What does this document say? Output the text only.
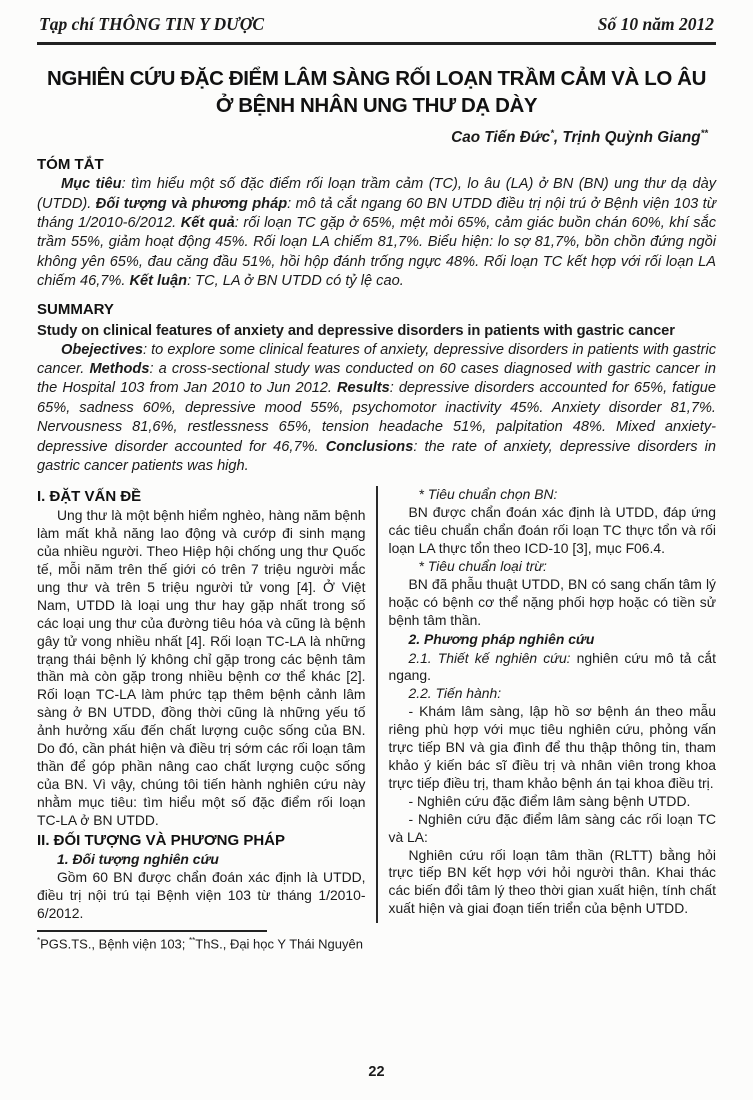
Tạp chí THÔNG TIN Y DƯỢC	Số 10 năm 2012
NGHIÊN CỨU ĐẶC ĐIỂM LÂM SÀNG RỐI LOẠN TRẦM CẢM VÀ LO ÂU
Ở BỆNH NHÂN UNG THƯ DẠ DÀY
Cao Tiến Đức*, Trịnh Quỳnh Giang**
TÓM TẮT
Mục tiêu: tìm hiểu một số đặc điểm rối loạn trầm cảm (TC), lo âu (LA) ở BN (BN) ung thư dạ dày (UTDD). Đối tượng và phương pháp: mô tả cắt ngang 60 BN UTDD điều trị nội trú ở Bệnh viện 103 từ tháng 1/2010-6/2012. Kết quả: rối loạn TC gặp ở 65%, mệt mỏi 65%, cảm giác buồn chán 60%, khí sắc trầm 55%, giảm hoạt động 45%. Rối loạn LA chiếm 81,7%. Biểu hiện: lo sợ 81,7%, bồn chồn đứng ngồi không yên 65%, đau căng đầu 51%, hồi hộp đánh trống ngực 48%. Rối loạn TC kết hợp với rối loạn LA chiếm 46,7%. Kết luận: TC, LA ở BN UTDD có tỷ lệ cao.
SUMMARY
Study on clinical features of anxiety and depressive disorders in patients with gastric cancer
Obejectives: to explore some clinical features of anxiety, depressive disorders in patients with gastric cancer. Methods: a cross-sectional study was conducted on 60 cases diagnosed with gastric cancer in the Hospital 103 from Jan 2010 to Jun 2012. Results: depressive disorders accounted for 65%, fatigue 65%, sadness 60%, depressive mood 55%, psychomotor inactivity 45%. Anxiety disorder 81,7%. Nervousness 81,6%, restlessness 65%, tension headache 51%, palpitation 48%. Mixed anxiety-depressive disorder accounted for 46,7%. Conclusions: the rate of anxiety, depressive disorders in gastric cancer patients was high.
I. ĐẶT VẤN ĐỀ
Ung thư là một bệnh hiểm nghèo, hàng năm bệnh làm mất khả năng lao động và cướp đi sinh mạng của nhiều người. Theo Hiệp hội chống ung thư Quốc tế, mỗi năm trên thế giới có trên 7 triệu người mắc ung thư và trên 5 triệu người tử vong [4]. Ở Việt Nam, UTDD là loại ung thư hay gặp nhất trong số các loại ung thư của đường tiêu hóa và cũng là bệnh gây tử vong nhiều nhất [4]. Rối loạn TC-LA là những trạng thái bệnh lý không chỉ gặp trong các bệnh tâm thần mà còn gặp trong nhiều bệnh cơ thể khác [2]. Rối loạn TC-LA làm phức tạp thêm bệnh cảnh lâm sàng ở BN UTDD, đồng thời cũng là những yếu tố ảnh hưởng xấu đến chất lượng cuộc sống của BN. Do đó, cần phát hiện và điều trị sớm các rối loạn tâm thần để góp phần nâng cao chất lượng cuộc sống của BN. Vì vậy, chúng tôi tiến hành nghiên cứu này nhằm mục tiêu: tìm hiểu một số đặc điểm rối loạn TC-LA ở BN UTDD.
II. ĐỐI TƯỢNG VÀ PHƯƠNG PHÁP
1. Đối tượng nghiên cứu
Gồm 60 BN được chẩn đoán xác định là UTDD, điều trị nội trú tại Bệnh viện 103 từ tháng 1/2010-6/2012.
* Tiêu chuẩn chọn BN:
BN được chẩn đoán xác định là UTDD, đáp ứng các tiêu chuẩn chẩn đoán rối loạn TC thực tổn và rối loạn LA thực tổn theo ICD-10 [3], mục F06.4.
* Tiêu chuẩn loại trừ:
BN đã phẫu thuật UTDD, BN có sang chấn tâm lý hoặc có bệnh cơ thể nặng phối hợp hoặc có tiền sử bệnh tâm thần.
2. Phương pháp nghiên cứu
2.1. Thiết kế nghiên cứu: nghiên cứu mô tả cắt ngang.
2.2. Tiến hành:
- Khám lâm sàng, lập hồ sơ bệnh án theo mẫu riêng phù hợp với mục tiêu nghiên cứu, phỏng vấn trực tiếp BN và gia đình để thu thập thông tin, tham khảo ý kiến bác sĩ điều trị và nhân viên trong khoa trực tiếp điều trị, tham khảo bệnh án tại khoa điều trị.
- Nghiên cứu đặc điểm lâm sàng bệnh UTDD.
- Nghiên cứu đặc điểm lâm sàng các rối loạn TC và LA:
Nghiên cứu rối loạn tâm thần (RLTT) bằng hỏi trực tiếp BN kết hợp với hỏi người thân. Khai thác các biến đổi tâm lý theo thời gian xuất hiện, tính chất xuất hiện và giai đoạn tiến triển của bệnh UTDD.
*PGS.TS., Bệnh viện 103; **ThS., Đại học Y Thái Nguyên
22
